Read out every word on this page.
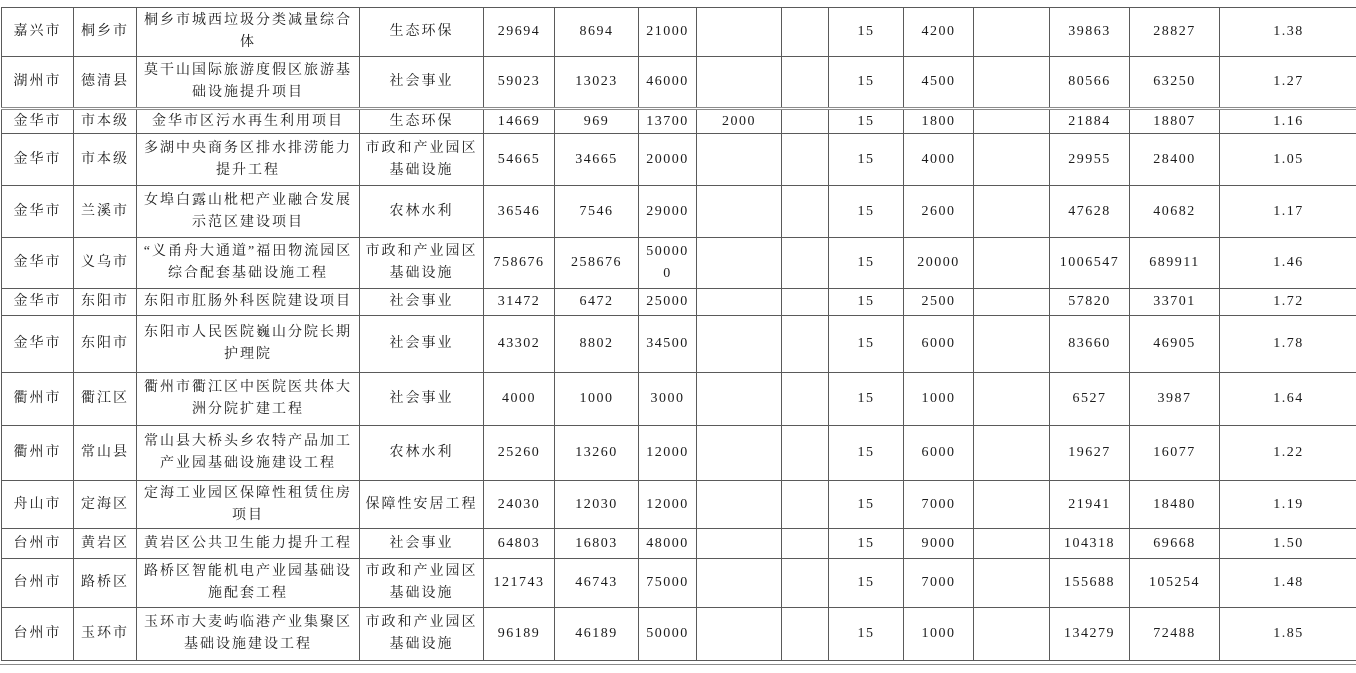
嘉兴市	桐乡市	桐乡市城西垃圾分类减量综合体	生态环保	29694	8694	21000			15	4200		39863	28827	1.38
湖州市	德清县	莫干山国际旅游度假区旅游基础设施提升项目	社会事业	59023	13023	46000			15	4500		80566	63250	1.27
金华市	市本级	金华市区污水再生利用项目	生态环保	14669	969	13700	2000		15	1800		21884	18807	1.16
金华市	市本级	多湖中央商务区排水排涝能力提升工程	市政和产业园区基础设施	54665	34665	20000			15	4000		29955	28400	1.05
金华市	兰溪市	女埠白露山枇杷产业融合发展示范区建设项目	农林水利	36546	7546	29000			15	2600		47628	40682	1.17
金华市	义乌市	“义甬舟大通道”福田物流园区综合配套基础设施工程	市政和产业园区基础设施	758676	258676	500000			15	20000		1006547	689911	1.46
金华市	东阳市	东阳市肛肠外科医院建设项目	社会事业	31472	6472	25000			15	2500		57820	33701	1.72
金华市	东阳市	东阳市人民医院巍山分院长期护理院	社会事业	43302	8802	34500			15	6000		83660	46905	1.78
衢州市	衢江区	衢州市衢江区中医院医共体大洲分院扩建工程	社会事业	4000	1000	3000			15	1000		6527	3987	1.64
衢州市	常山县	常山县大桥头乡农特产品加工产业园基础设施建设工程	农林水利	25260	13260	12000			15	6000		19627	16077	1.22
舟山市	定海区	定海工业园区保障性租赁住房项目	保障性安居工程	24030	12030	12000			15	7000		21941	18480	1.19
台州市	黄岩区	黄岩区公共卫生能力提升工程	社会事业	64803	16803	48000			15	9000		104318	69668	1.50
台州市	路桥区	路桥区智能机电产业园基础设施配套工程	市政和产业园区基础设施	121743	46743	75000			15	7000		155688	105254	1.48
台州市	玉环市	玉环市大麦屿临港产业集聚区基础设施建设工程	市政和产业园区基础设施	96189	46189	50000			15	1000		134279	72488	1.85
